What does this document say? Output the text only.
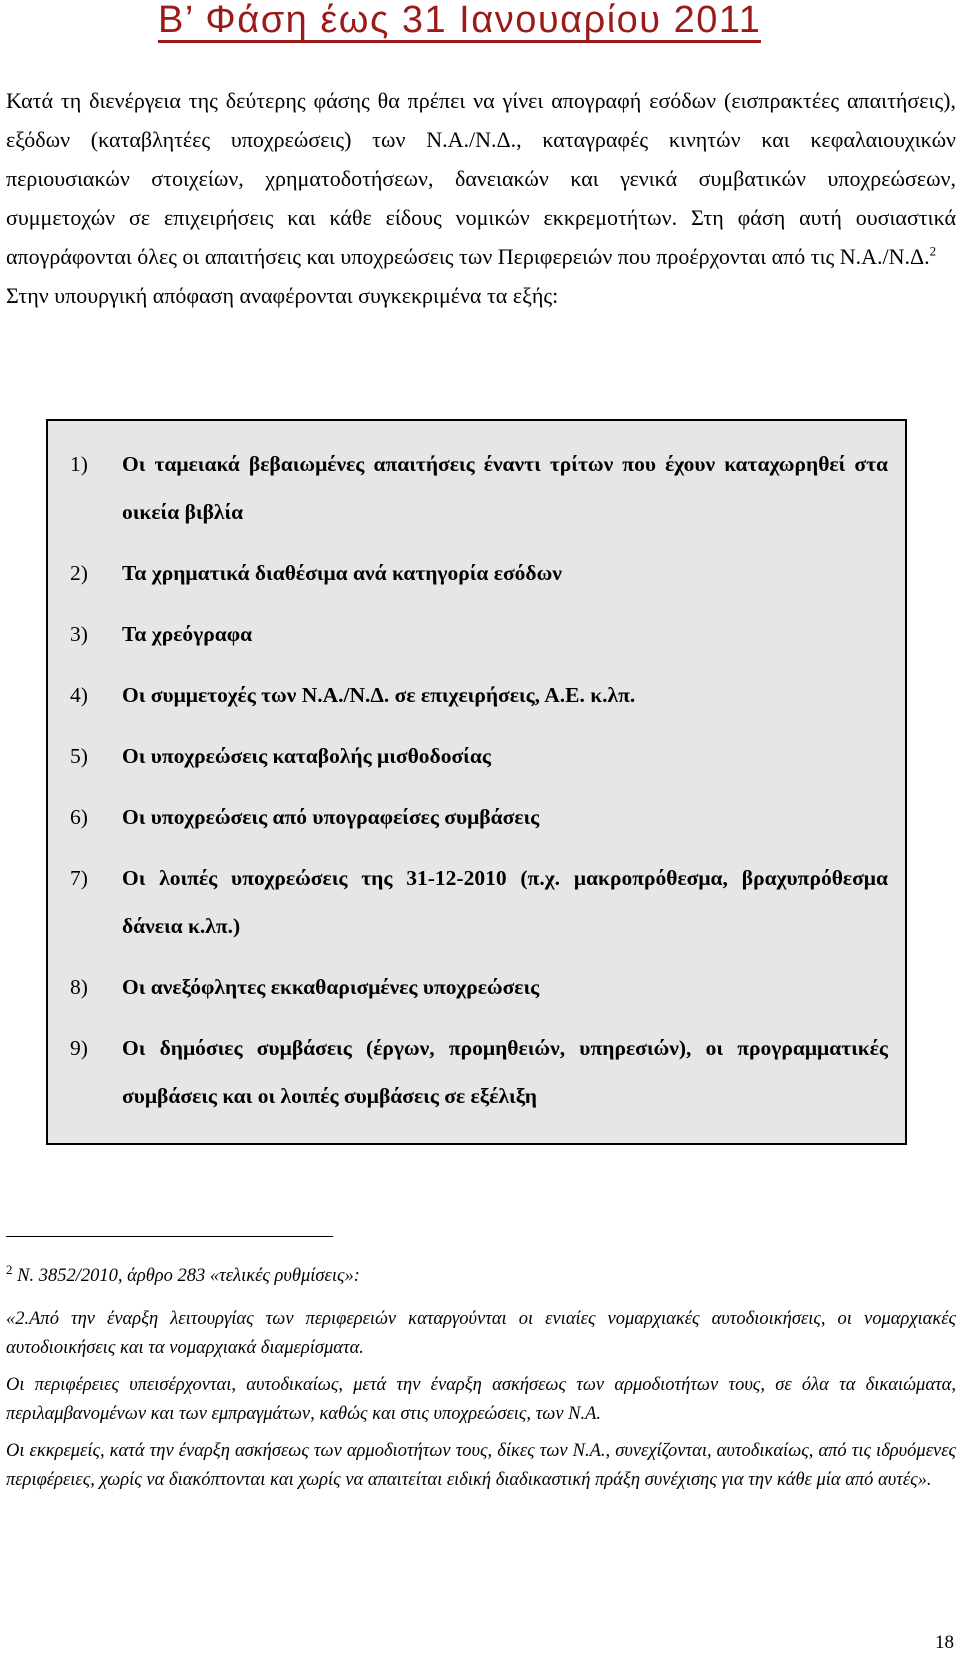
Β’ Φάση έως 31 Ιανουαρίου 2011

Κατά τη διενέργεια της δεύτερης φάσης θα πρέπει να γίνει απογραφή εσόδων (εισπρακτέες απαιτήσεις), εξόδων (καταβλητέες υποχρεώσεις) των Ν.Α./Ν.Δ., καταγραφές κινητών και κεφαλαιουχικών περιουσιακών στοιχείων, χρηματοδοτήσεων, δανειακών και γενικά συμβατικών υποχρεώσεων, συμμετοχών σε επιχειρήσεις και κάθε είδους νομικών εκκρεμοτήτων. Στη φάση αυτή ουσιαστικά απογράφονται όλες οι απαιτήσεις και υποχρεώσεις των Περιφερειών που προέρχονται από τις Ν.Α./Ν.Δ.$^2$
Στην υπουργική απόφαση αναφέρονται συγκεκριμένα τα εξής:

1)	Οι ταμειακά βεβαιωμένες απαιτήσεις έναντι τρίτων που έχουν καταχωρηθεί στα οικεία βιβλία
2)	Τα χρηματικά διαθέσιμα ανά κατηγορία εσόδων
3)	Τα χρεόγραφα
4)	Οι συμμετοχές των Ν.Α./Ν.Δ. σε επιχειρήσεις, Α.Ε. κ.λπ.
5)	Οι υποχρεώσεις καταβολής μισθοδοσίας
6)	Οι υποχρεώσεις από υπογραφείσες συμβάσεις
7)	Οι λοιπές υποχρεώσεις της 31-12-2010 (π.χ. μακροπρόθεσμα, βραχυπρόθεσμα δάνεια κ.λπ.)
8)	Οι ανεξόφλητες εκκαθαρισμένες υποχρεώσεις
9)	Οι δημόσιες συμβάσεις (έργων, προμηθειών, υπηρεσιών), οι προγραμματικές συμβάσεις και οι λοιπές συμβάσεις σε εξέλιξη

$^2$ Ν. 3852/2010, άρθρο 283 «τελικές ρυθμίσεις»:

«2.Από την έναρξη λειτουργίας των περιφερειών καταργούνται οι ενιαίες νομαρχιακές αυτοδιοικήσεις, οι νομαρχιακές αυτοδιοικήσεις και τα νομαρχιακά διαμερίσματα.

Οι περιφέρειες υπεισέρχονται, αυτοδικαίως, μετά την έναρξη ασκήσεως των αρμοδιοτήτων τους, σε όλα τα δικαιώματα, περιλαμβανομένων και των εμπραγμάτων, καθώς και στις υποχρεώσεις, των Ν.Α.

Οι εκκρεμείς, κατά την έναρξη ασκήσεως των αρμοδιοτήτων τους, δίκες των Ν.Α., συνεχίζονται, αυτοδικαίως, από τις ιδρυόμενες περιφέρειες, χωρίς να διακόπτονται και χωρίς να απαιτείται ειδική διαδικαστική πράξη συνέχισης για την κάθε μία από αυτές».

18
